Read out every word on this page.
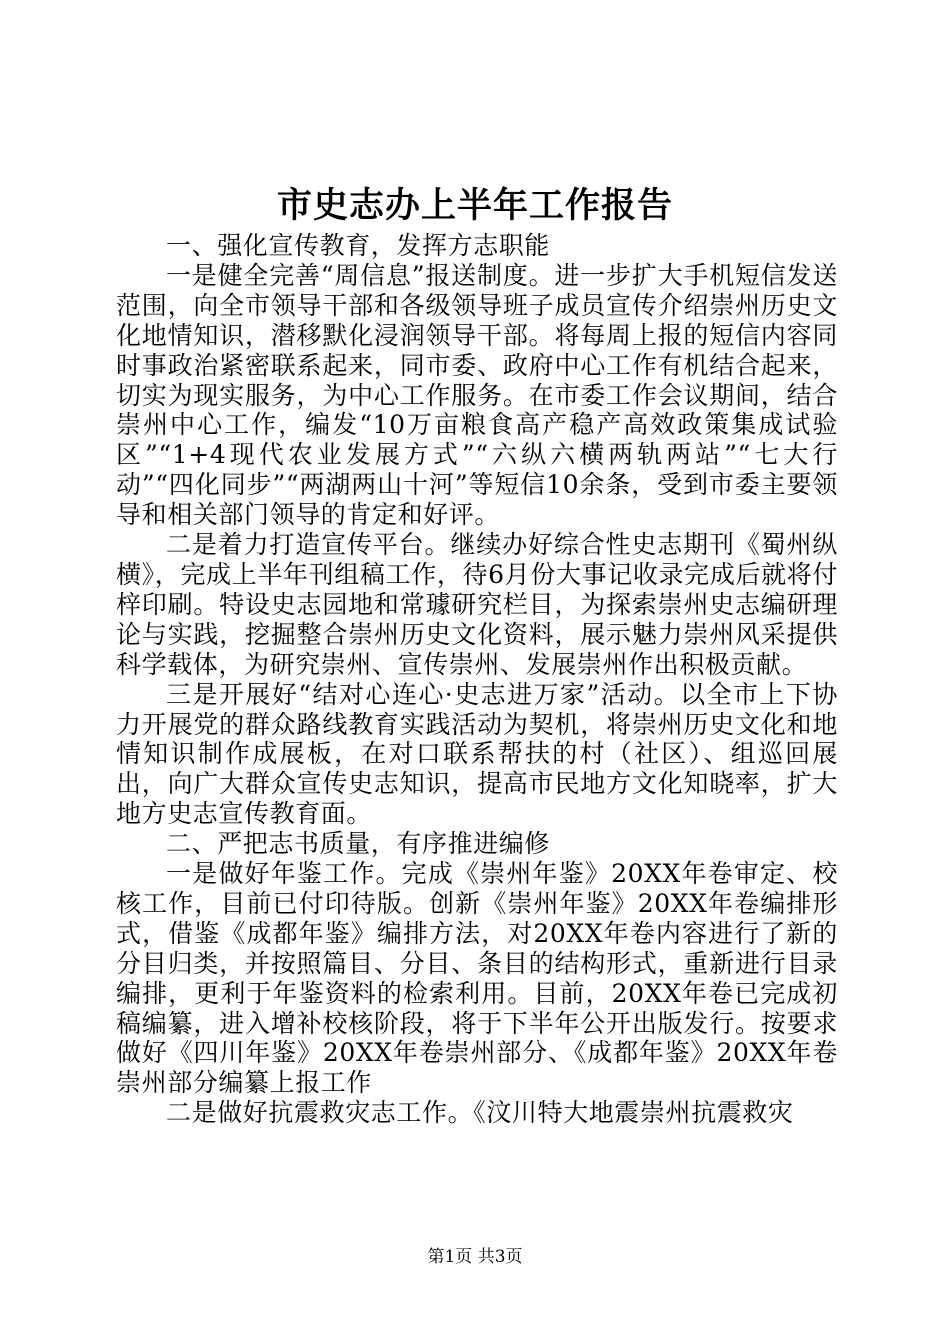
市史志办上半年工作报告

一、强化宣传教育，发挥方志职能

一是健全完善“周信息”报送制度。进一步扩大手机短信发送范围，向全市领导干部和各级领导班子成员宣传介绍崇州历史文化地情知识，潜移默化浸润领导干部。将每周上报的短信内容同时事政治紧密联系起来，同市委、政府中心工作有机结合起来，切实为现实服务，为中心工作服务。在市委工作会议期间，结合崇州中心工作，编发“10万亩粮食高产稳产高效政策集成试验区”“1+4现代农业发展方式”“六纵六横两轨两站”“七大行动”“四化同步”“两湖两山十河”等短信10余条，受到市委主要领导和相关部门领导的肯定和好评。

二是着力打造宣传平台。继续办好综合性史志期刊《蜀州纵横》，完成上半年刊组稿工作，待6月份大事记收录完成后就将付梓印刷。特设史志园地和常璩研究栏目，为探索崇州史志编研理论与实践，挖掘整合崇州历史文化资料，展示魅力崇州风采提供科学载体，为研究崇州、宣传崇州、发展崇州作出积极贡献。

三是开展好“结对心连心·史志进万家”活动。以全市上下协力开展党的群众路线教育实践活动为契机，将崇州历史文化和地情知识制作成展板，在对口联系帮扶的村（社区）、组巡回展出，向广大群众宣传史志知识，提高市民地方文化知晓率，扩大地方史志宣传教育面。

二、严把志书质量，有序推进编修

一是做好年鉴工作。完成《崇州年鉴》20XX年卷审定、校核工作，目前已付印待版。创新《崇州年鉴》20XX年卷编排形式，借鉴《成都年鉴》编排方法，对20XX年卷内容进行了新的分目归类，并按照篇目、分目、条目的结构形式，重新进行目录编排，更利于年鉴资料的检索利用。目前，20XX年卷已完成初稿编纂，进入增补校核阶段，将于下半年公开出版发行。按要求做好《四川年鉴》20XX年卷崇州部分、《成都年鉴》20XX年卷崇州部分编纂上报工作

二是做好抗震救灾志工作。《汶川特大地震崇州抗震救灾

第1页 共3页
